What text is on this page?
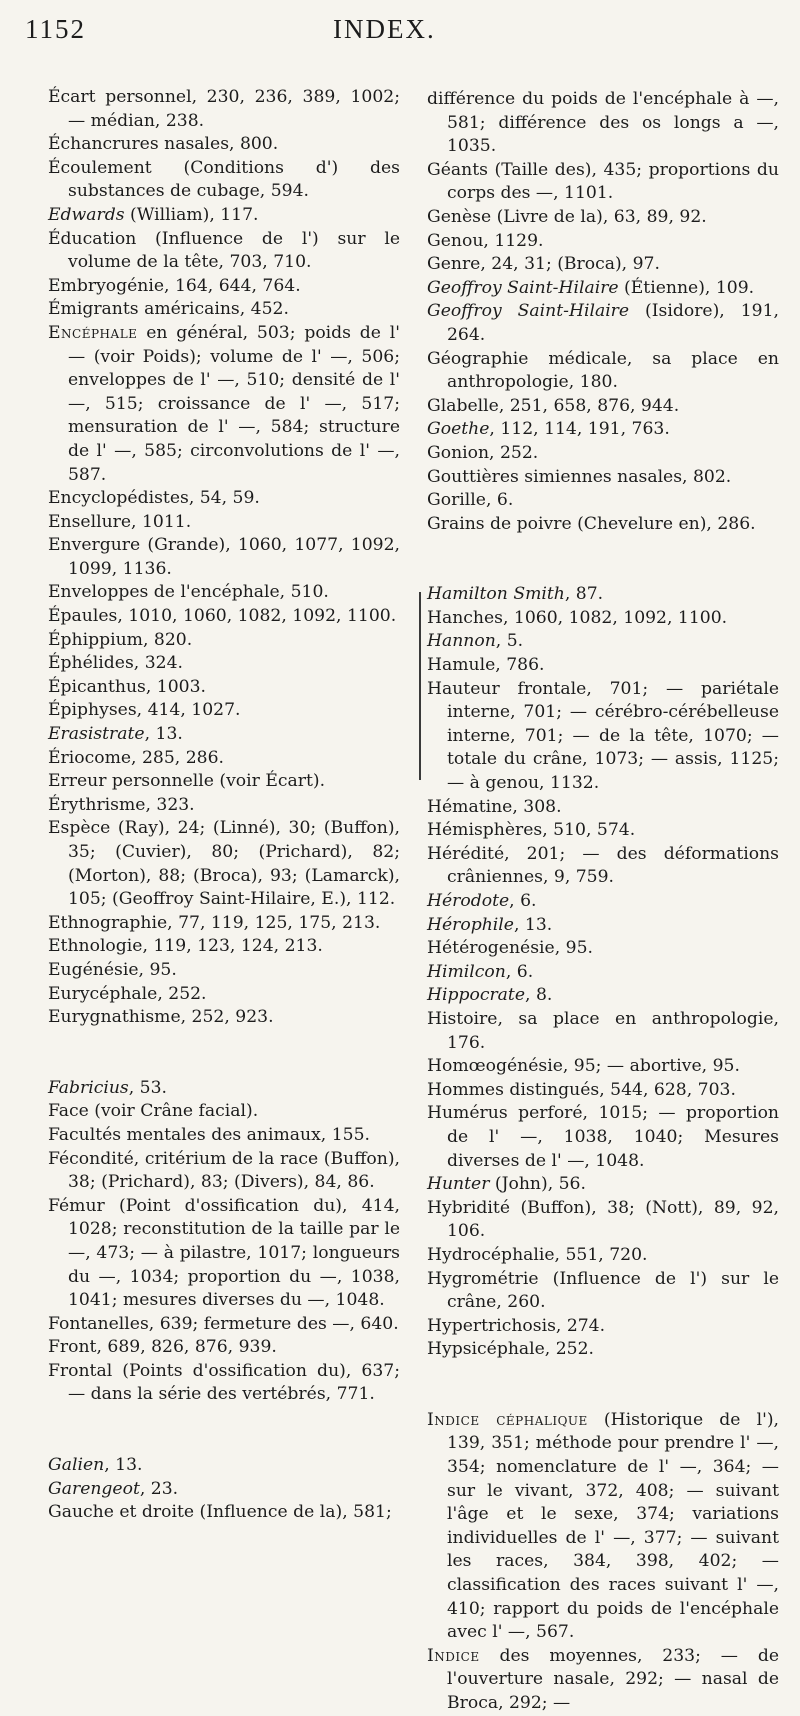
1152	INDEX.

Écart personnel, 230, 236, 389, 1002; — médian, 238.

Échancrures nasales, 800.

Écoulement (Conditions d') des substances de cubage, 594.

Edwards (William), 117.

Éducation (Influence de l') sur le volume de la tête, 703, 710.

Embryogénie, 164, 644, 764.

Émigrants américains, 452.

Encéphale en général, 503; poids de l' — (voir Poids); volume de l' —, 506; enveloppes de l' —, 510; densité de l' —, 515; croissance de l' —, 517; mensuration de l' —, 584; structure de l' —, 585; circonvolutions de l' —, 587.

Encyclopédistes, 54, 59.

Ensellure, 1011.

Envergure (Grande), 1060, 1077, 1092, 1099, 1136.

Enveloppes de l'encéphale, 510.

Épaules, 1010, 1060, 1082, 1092, 1100.

Éphippium, 820.

Éphélides, 324.

Épicanthus, 1003.

Épiphyses, 414, 1027.

Erasistrate, 13.

Ériocome, 285, 286.

Erreur personnelle (voir Écart).

Érythrisme, 323.

Espèce (Ray), 24; (Linné), 30; (Buffon), 35; (Cuvier), 80; (Prichard), 82; (Morton), 88; (Broca), 93; (Lamarck), 105; (Geoffroy Saint-Hilaire, E.), 112.

Ethnographie, 77, 119, 125, 175, 213.

Ethnologie, 119, 123, 124, 213.

Eugénésie, 95.

Eurycéphale, 252.

Eurygnathisme, 252, 923.

Fabricius, 53.

Face (voir Crâne facial).

Facultés mentales des animaux, 155.

Fécondité, critérium de la race (Buffon), 38; (Prichard), 83; (Divers), 84, 86.

Fémur (Point d'ossification du), 414, 1028; reconstitution de la taille par le —, 473; — à pilastre, 1017; longueurs du —, 1034; proportion du —, 1038, 1041; mesures diverses du —, 1048.

Fontanelles, 639; fermeture des —, 640.

Front, 689, 826, 876, 939.

Frontal (Points d'ossification du), 637; — dans la série des vertébrés, 771.

Galien, 13.

Garengeot, 23.

Gauche et droite (Influence de la), 581;

différence du poids de l'encéphale à —, 581; différence des os longs a —, 1035.

Géants (Taille des), 435; proportions du corps des —, 1101.

Genèse (Livre de la), 63, 89, 92.

Genou, 1129.

Genre, 24, 31; (Broca), 97.

Geoffroy Saint-Hilaire (Étienne), 109.

Geoffroy Saint-Hilaire (Isidore), 191, 264.

Géographie médicale, sa place en anthropologie, 180.

Glabelle, 251, 658, 876, 944.

Goethe, 112, 114, 191, 763.

Gonion, 252.

Gouttières simiennes nasales, 802.

Gorille, 6.

Grains de poivre (Chevelure en), 286.

Hamilton Smith, 87.

Hanches, 1060, 1082, 1092, 1100.

Hannon, 5.

Hamule, 786.

Hauteur frontale, 701; — pariétale interne, 701; — cérébro-cérébelleuse interne, 701; — de la tête, 1070; — totale du crâne, 1073; — assis, 1125; — à genou, 1132.

Hématine, 308.

Hémisphères, 510, 574.

Hérédité, 201; — des déformations crâniennes, 9, 759.

Hérodote, 6.

Hérophile, 13.

Hétérogenésie, 95.

Himilcon, 6.

Hippocrate, 8.

Histoire, sa place en anthropologie, 176.

Homœogénésie, 95; — abortive, 95.

Hommes distingués, 544, 628, 703.

Humérus perforé, 1015; — proportion de l' —, 1038, 1040; Mesures diverses de l' —, 1048.

Hunter (John), 56.

Hybridité (Buffon), 38; (Nott), 89, 92, 106.

Hydrocéphalie, 551, 720.

Hygrométrie (Influence de l') sur le crâne, 260.

Hypertrichosis, 274.

Hypsicéphale, 252.

Indice céphalique (Historique de l'), 139, 351; méthode pour prendre l' —, 354; nomenclature de l' —, 364; — sur le vivant, 372, 408; — suivant l'âge et le sexe, 374; variations individuelles de l' —, 377; — suivant les races, 384, 398, 402; — classification des races suivant l' —, 410; rapport du poids de l'encéphale avec l' —, 567.

Indice des moyennes, 233; — de l'ouverture nasale, 292; — nasal de Broca, 292; —
